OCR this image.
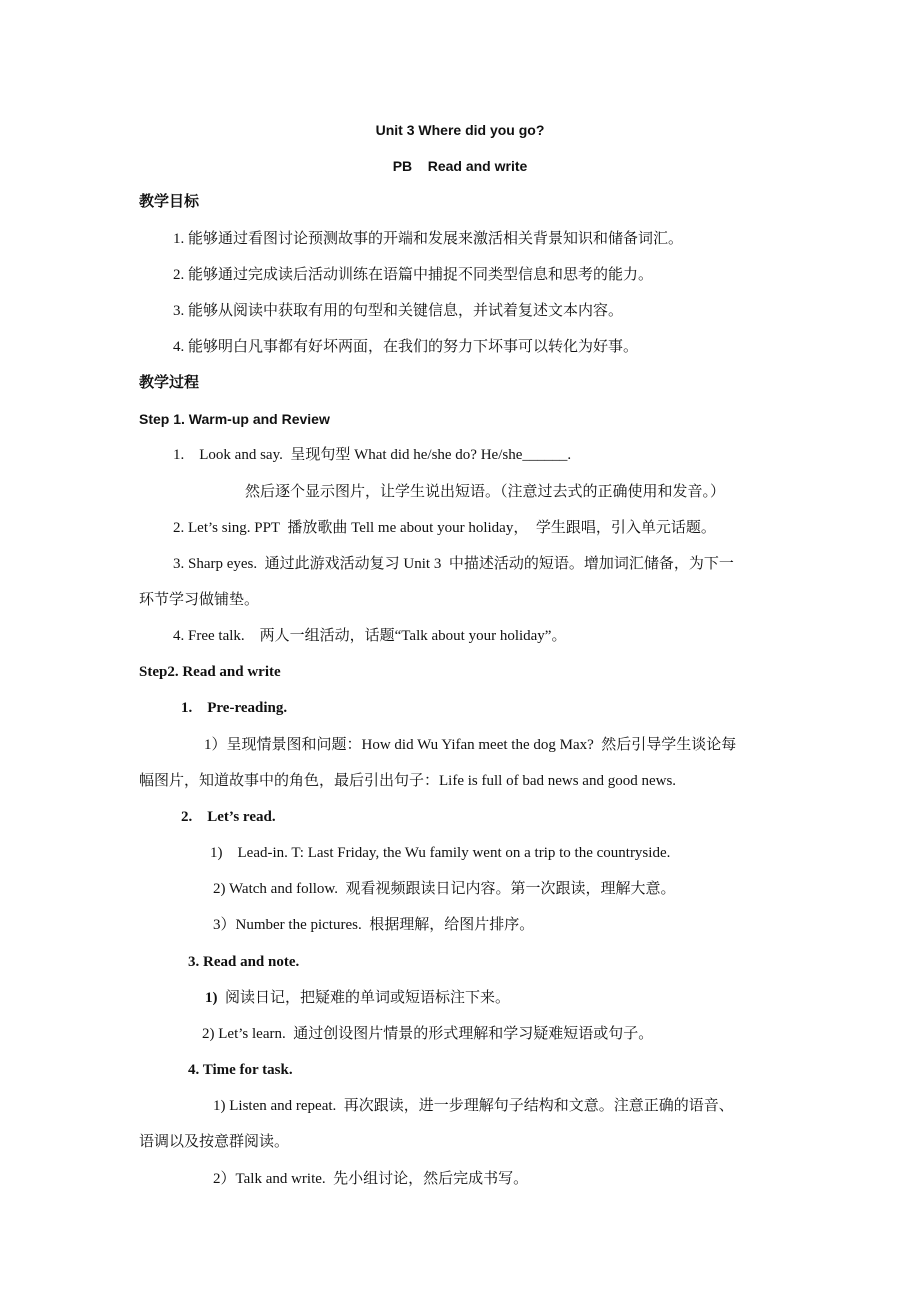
Unit 3 Where did you go?
PB    Read and write
教学目标
1. 能够通过看图讨论预测故事的开端和发展来激活相关背景知识和储备词汇。
2. 能够通过完成读后活动训练在语篇中捕捉不同类型信息和思考的能力。
3. 能够从阅读中获取有用的句型和关键信息，并试着复述文本内容。
4. 能够明白凡事都有好坏两面，在我们的努力下坏事可以转化为好事。
教学过程
Step 1. Warm-up and Review
1.    Look and say.  呈现句型 What did he/she do? He/she______.
然后逐个显示图片，让学生说出短语。（注意过去式的正确使用和发音。）
2. Let’s sing. PPT  播放歌曲 Tell me about your holiday，  学生跟唱，引入单元话题。
3. Sharp eyes.  通过此游戏活动复习 Unit 3  中描述活动的短语。增加词汇储备，为下一
环节学习做铺垫。
4. Free talk.    两人一组活动，话题“Talk about your holiday”。
Step2. Read and write
1.    Pre-reading.
1）呈现情景图和问题：How did Wu Yifan meet the dog Max?  然后引导学生谈论每
幅图片，知道故事中的角色，最后引出句子：Life is full of bad news and good news.
2.    Let’s read.
1)    Lead-in. T: Last Friday, the Wu family went on a trip to the countryside.
2) Watch and follow.  观看视频跟读日记内容。第一次跟读，理解大意。
3）Number the pictures.  根据理解，给图片排序。
3. Read and note.
1)  阅读日记，把疑难的单词或短语标注下来。
2) Let’s learn.  通过创设图片情景的形式理解和学习疑难短语或句子。
4. Time for task.
1) Listen and repeat.  再次跟读，进一步理解句子结构和文意。注意正确的语音、
语调以及按意群阅读。
2）Talk and write.  先小组讨论，然后完成书写。
